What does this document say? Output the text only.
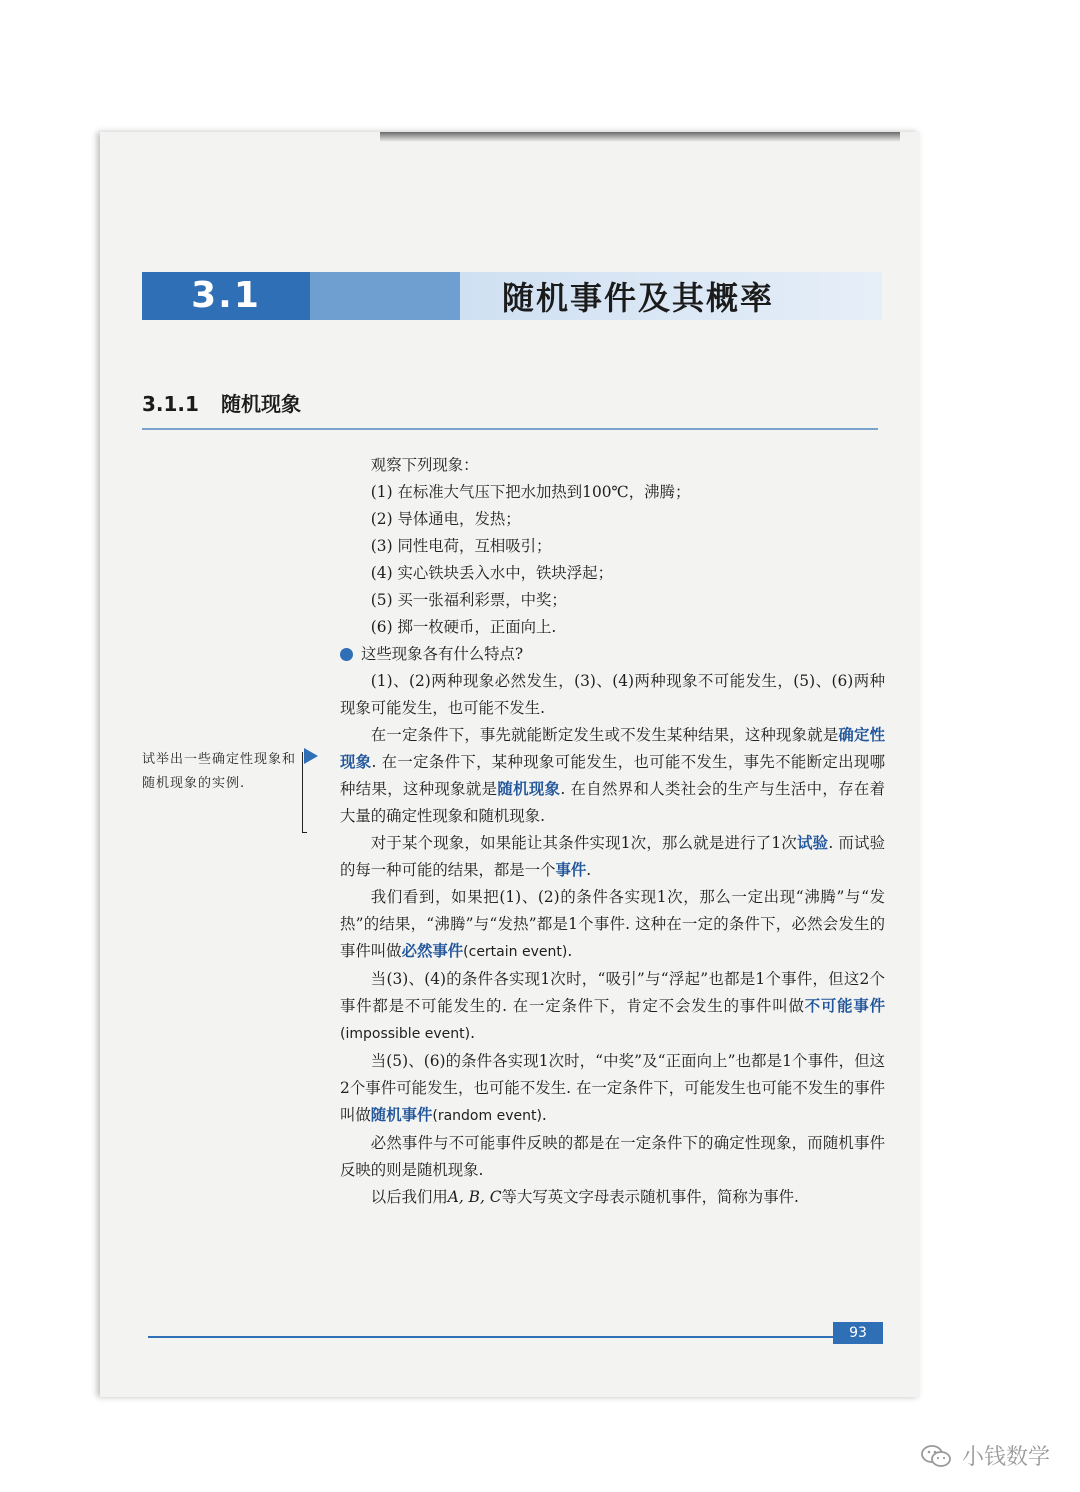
3.1	随机事件及其概率
3.1.1 随机现象

观察下列现象：

(1) 在标准大气压下把水加热到100℃，沸腾；

(2) 导体通电，发热；

(3) 同性电荷，互相吸引；

(4) 实心铁块丢入水中，铁块浮起；

(5) 买一张福利彩票，中奖；

(6) 掷一枚硬币，正面向上.

这些现象各有什么特点?

(1)、(2)两种现象必然发生，(3)、(4)两种现象不可能发生，(5)、(6)两种现象可能发生，也可能不发生.

在一定条件下，事先就能断定发生或不发生某种结果，这种现象就是确定性现象. 在一定条件下，某种现象可能发生，也可能不发生，事先不能断定出现哪种结果，这种现象就是随机现象. 在自然界和人类社会的生产与生活中，存在着大量的确定性现象和随机现象.

对于某个现象，如果能让其条件实现1次，那么就是进行了1次试验. 而试验的每一种可能的结果，都是一个事件.

我们看到，如果把(1)、(2)的条件各实现1次，那么一定出现“沸腾”与“发热”的结果，“沸腾”与“发热”都是1个事件. 这种在一定的条件下，必然会发生的事件叫做必然事件(certain event).

当(3)、(4)的条件各实现1次时，“吸引”与“浮起”也都是1个事件，但这2个事件都是不可能发生的. 在一定条件下，肯定不会发生的事件叫做不可能事件(impossible event).

当(5)、(6)的条件各实现1次时，“中奖”及“正面向上”也都是1个事件，但这2个事件可能发生，也可能不发生. 在一定条件下，可能发生也可能不发生的事件叫做随机事件(random event).

必然事件与不可能事件反映的都是在一定条件下的确定性现象，而随机事件反映的则是随机现象.

以后我们用A, B, C等大写英文字母表示随机事件，简称为事件.

试举出一些确定性现象和随机现象的实例.
93
小钱数学
